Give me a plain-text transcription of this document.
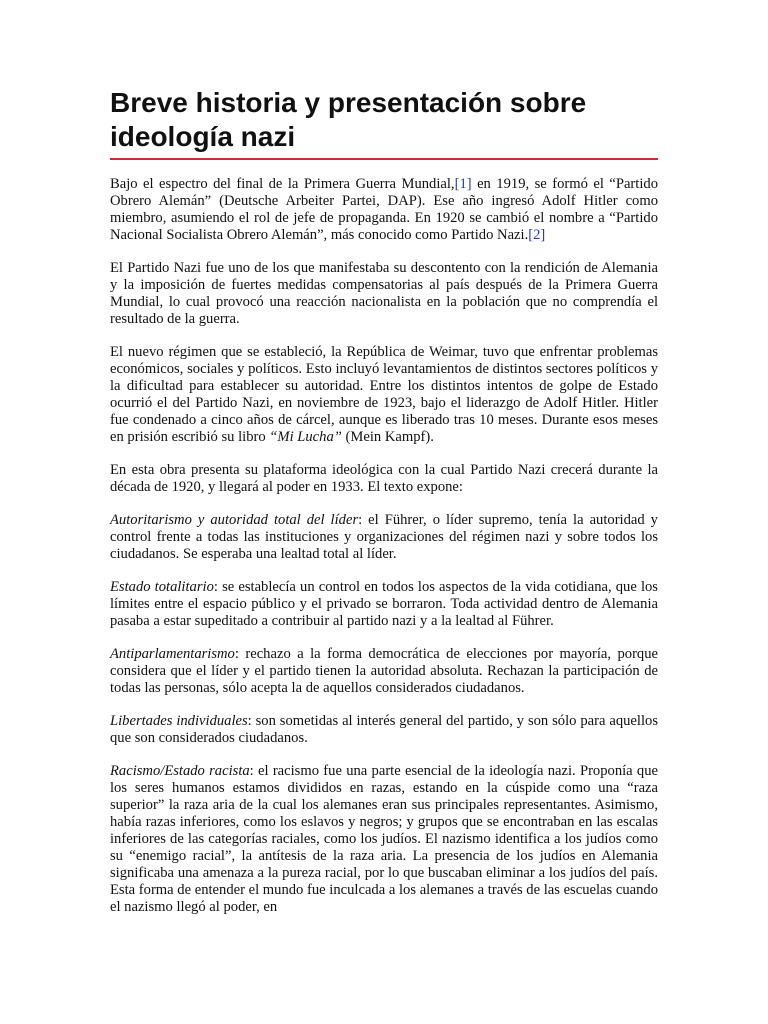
Breve historia y presentación sobre ideología nazi

Bajo el espectro del final de la Primera Guerra Mundial,[1] en 1919, se formó el “Partido Obrero Alemán” (Deutsche Arbeiter Partei, DAP). Ese año ingresó Adolf Hitler como miembro, asumiendo el rol de jefe de propaganda. En 1920 se cambió el nombre a “Partido Nacional Socialista Obrero Alemán”, más conocido como Partido Nazi.[2]

El Partido Nazi fue uno de los que manifestaba su descontento con la rendición de Alemania y la imposición de fuertes medidas compensatorias al país después de la Primera Guerra Mundial, lo cual provocó una reacción nacionalista en la población que no comprendía el resultado de la guerra.

El nuevo régimen que se estableció, la República de Weimar, tuvo que enfrentar problemas económicos, sociales y políticos. Esto incluyó levantamientos de distintos sectores políticos y la dificultad para establecer su autoridad. Entre los distintos intentos de golpe de Estado ocurrió el del Partido Nazi, en noviembre de 1923, bajo el liderazgo de Adolf Hitler. Hitler fue condenado a cinco años de cárcel, aunque es liberado tras 10 meses. Durante esos meses en prisión escribió su libro “Mi Lucha” (Mein Kampf).

En esta obra presenta su plataforma ideológica con la cual Partido Nazi crecerá durante la década de 1920, y llegará al poder en 1933. El texto expone:

Autoritarismo y autoridad total del líder: el Führer, o líder supremo, tenía la autoridad y control frente a todas las instituciones y organizaciones del régimen nazi y sobre todos los ciudadanos. Se esperaba una lealtad total al líder.

Estado totalitario: se establecía un control en todos los aspectos de la vida cotidiana, que los límites entre el espacio público y el privado se borraron. Toda actividad dentro de Alemania pasaba a estar supeditado a contribuir al partido nazi y a la lealtad al Führer.

Antiparlamentarismo: rechazo a la forma democrática de elecciones por mayoría, porque considera que el líder y el partido tienen la autoridad absoluta. Rechazan la participación de todas las personas, sólo acepta la de aquellos considerados ciudadanos.

Libertades individuales: son sometidas al interés general del partido, y son sólo para aquellos que son considerados ciudadanos.

Racismo/Estado racista: el racismo fue una parte esencial de la ideología nazi. Proponía que los seres humanos estamos divididos en razas, estando en la cúspide como una “raza superior” la raza aria de la cual los alemanes eran sus principales representantes. Asimismo, había razas inferiores, como los eslavos y negros; y grupos que se encontraban en las escalas inferiores de las categorías raciales, como los judíos. El nazismo identifica a los judíos como su “enemigo racial”, la antítesis de la raza aria. La presencia de los judíos en Alemania significaba una amenaza a la pureza racial, por lo que buscaban eliminar a los judíos del país. Esta forma de entender el mundo fue inculcada a los alemanes a través de las escuelas cuando el nazismo llegó al poder, en
